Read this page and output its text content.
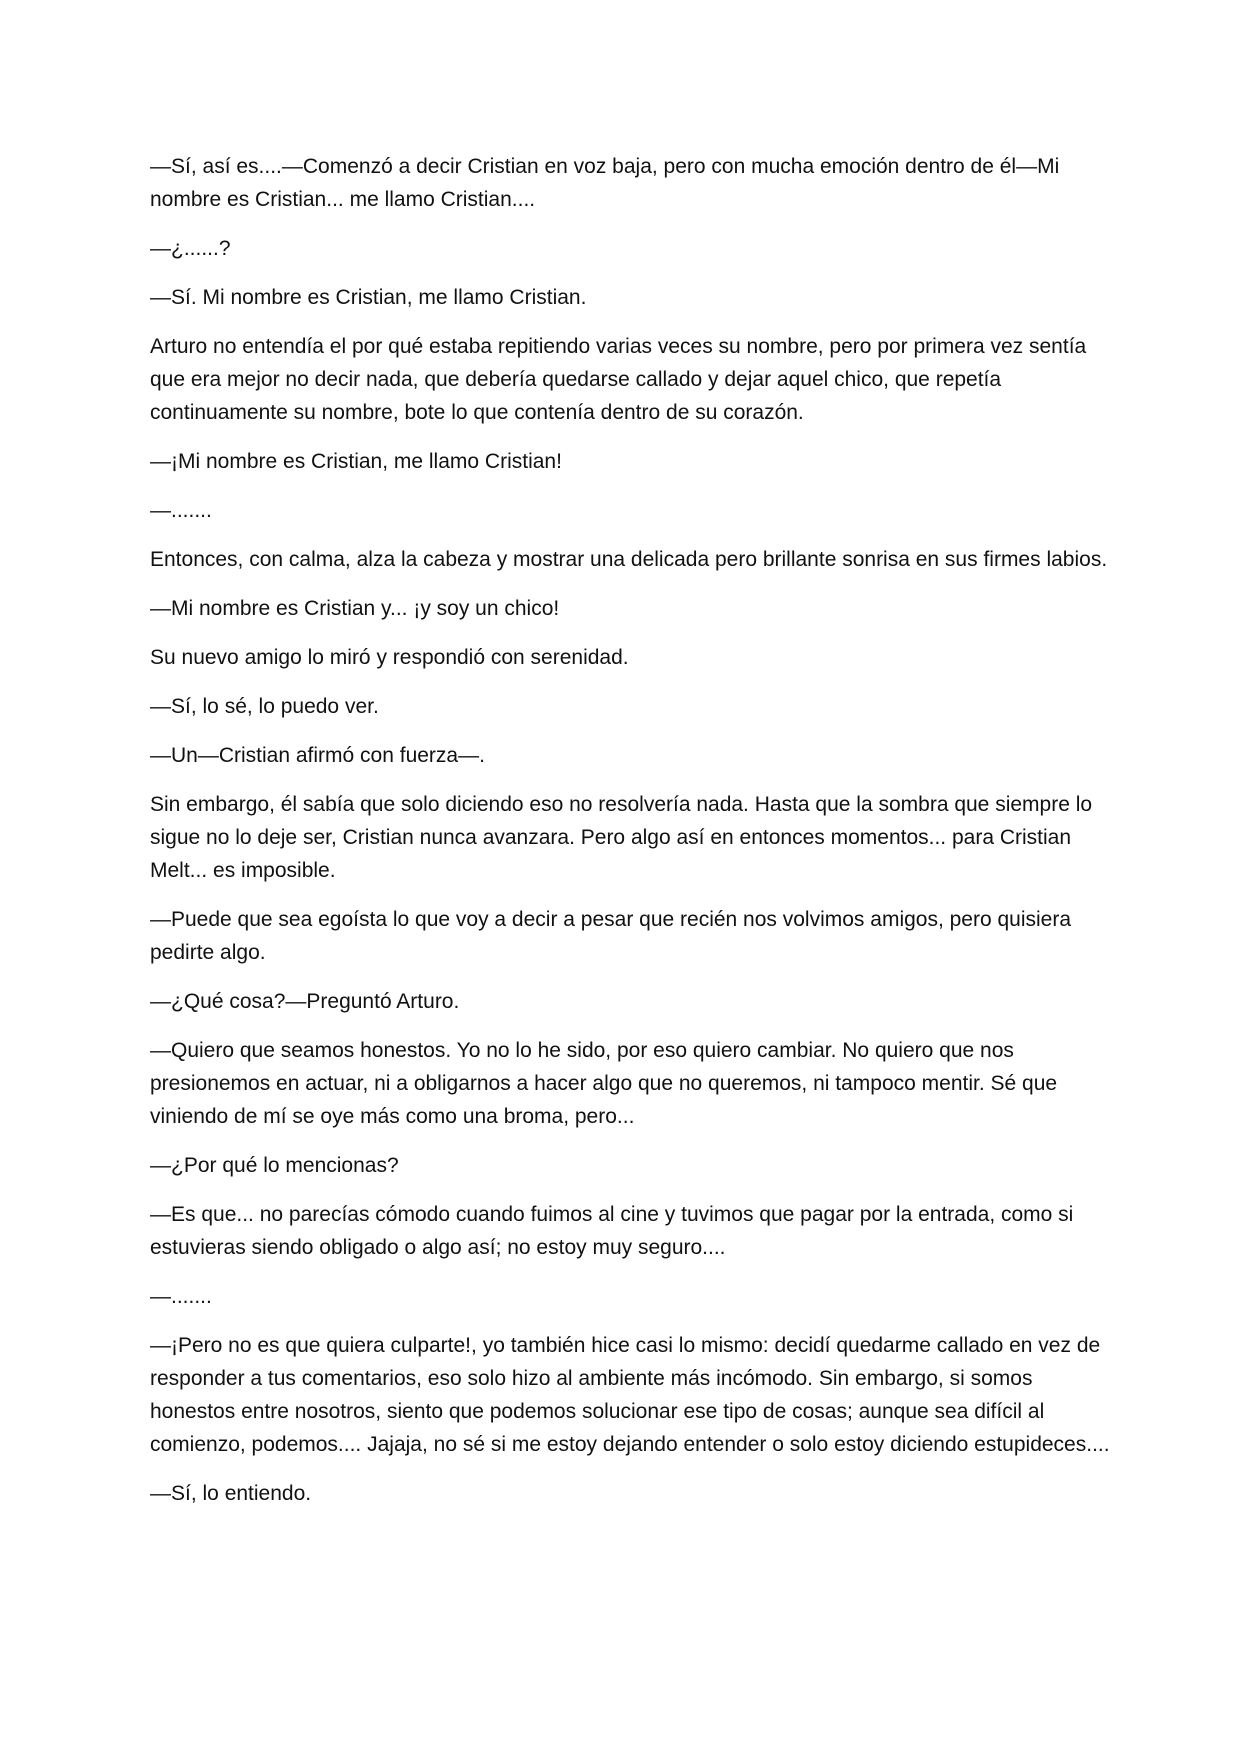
—Sí, así es....—Comenzó a decir Cristian en voz baja, pero con mucha emoción dentro de él—Mi nombre es Cristian... me llamo Cristian....

—¿......?

—Sí. Mi nombre es Cristian, me llamo Cristian.

Arturo no entendía el por qué estaba repitiendo varias veces su nombre, pero por primera vez sentía que era mejor no decir nada, que debería quedarse callado y dejar aquel chico, que repetía continuamente su nombre, bote lo que contenía dentro de su corazón.

—¡Mi nombre es Cristian, me llamo Cristian!

—.......

Entonces, con calma, alza la cabeza y mostrar una delicada pero brillante sonrisa en sus firmes labios.

—Mi nombre es Cristian y... ¡y soy un chico!

Su nuevo amigo lo miró y respondió con serenidad.

—Sí, lo sé, lo puedo ver.

—Un—Cristian afirmó con fuerza—.

Sin embargo, él sabía que solo diciendo eso no resolvería nada. Hasta que la sombra que siempre lo sigue no lo deje ser, Cristian nunca avanzara. Pero algo así en entonces momentos... para Cristian Melt... es imposible.

—Puede que sea egoísta lo que voy a decir a pesar que recién nos volvimos amigos, pero quisiera pedirte algo.

—¿Qué cosa?—Preguntó Arturo.

—Quiero que seamos honestos. Yo no lo he sido, por eso quiero cambiar. No quiero que nos presionemos en actuar, ni a obligarnos a hacer algo que no queremos, ni tampoco mentir. Sé que viniendo de mí se oye más como una broma, pero...

—¿Por qué lo mencionas?

—Es que... no parecías cómodo cuando fuimos al cine y tuvimos que pagar por la entrada, como si estuvieras siendo obligado o algo así; no estoy muy seguro....

—.......

—¡Pero no es que quiera culparte!, yo también hice casi lo mismo: decidí quedarme callado en vez de responder a tus comentarios, eso solo hizo al ambiente más incómodo. Sin embargo, si somos honestos entre nosotros, siento que podemos solucionar ese tipo de cosas; aunque sea difícil al comienzo, podemos.... Jajaja, no sé si me estoy dejando entender o solo estoy diciendo estupideces....

—Sí, lo entiendo.
